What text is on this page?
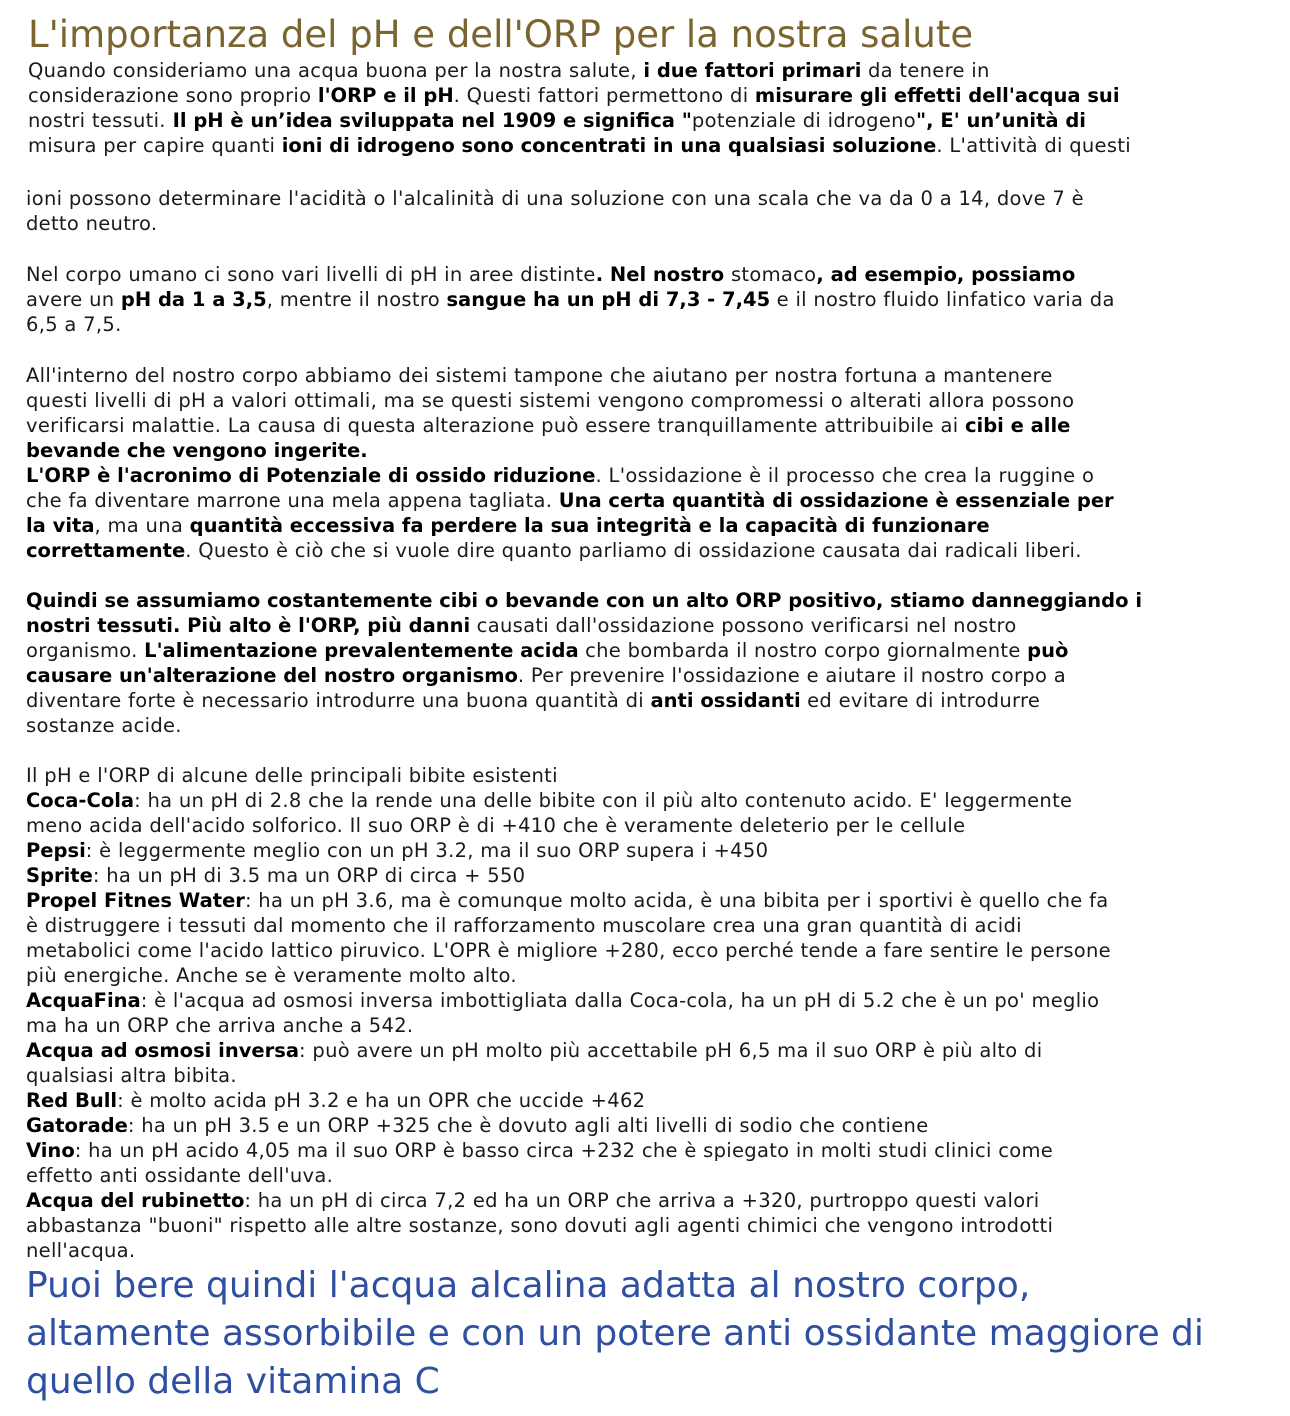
L'importanza del pH e dell'ORP per la nostra salute
Quando consideriamo una acqua buona per la nostra salute, i due fattori primari da tenere in
considerazione sono proprio l'ORP e il pH. Questi fattori permettono di misurare gli effetti dell'acqua sui
nostri tessuti. Il pH è un’idea sviluppata nel 1909 e significa "potenziale di idrogeno", E' un’unità di
misura per capire quanti ioni di idrogeno sono concentrati in una qualsiasi soluzione. L'attività di questi
ioni possono determinare l'acidità o l'alcalinità di una soluzione con una scala che va da 0 a 14, dove 7 è
detto neutro.
Nel corpo umano ci sono vari livelli di pH in aree distinte. Nel nostro stomaco, ad esempio, possiamo
avere un pH da 1 a 3,5, mentre il nostro sangue ha un pH di 7,3 - 7,45 e il nostro fluido linfatico varia da
6,5 a 7,5.
All'interno del nostro corpo abbiamo dei sistemi tampone che aiutano per nostra fortuna a mantenere
questi livelli di pH a valori ottimali, ma se questi sistemi vengono compromessi o alterati allora possono
verificarsi malattie. La causa di questa alterazione può essere tranquillamente attribuibile ai cibi e alle
bevande che vengono ingerite.
L'ORP è l'acronimo di Potenziale di ossido riduzione. L'ossidazione è il processo che crea la ruggine o
che fa diventare marrone una mela appena tagliata. Una certa quantità di ossidazione è essenziale per
la vita, ma una quantità eccessiva fa perdere la sua integrità e la capacità di funzionare
correttamente. Questo è ciò che si vuole dire quanto parliamo di ossidazione causata dai radicali liberi.
Quindi se assumiamo costantemente cibi o bevande con un alto ORP positivo, stiamo danneggiando i
nostri tessuti. Più alto è l'ORP, più danni causati dall'ossidazione possono verificarsi nel nostro
organismo. L'alimentazione prevalentemente acida che bombarda il nostro corpo giornalmente può
causare un'alterazione del nostro organismo. Per prevenire l'ossidazione e aiutare il nostro corpo a
diventare forte è necessario introdurre una buona quantità di anti ossidanti ed evitare di introdurre
sostanze acide.
Il pH e l'ORP di alcune delle principali bibite esistenti
Coca-Cola: ha un pH di 2.8 che la rende una delle bibite con il più alto contenuto acido. E' leggermente
meno acida dell'acido solforico. Il suo ORP è di +410 che è veramente deleterio per le cellule
Pepsi: è leggermente meglio con un pH 3.2, ma il suo ORP supera i +450
Sprite: ha un pH di 3.5 ma un ORP di circa + 550
Propel Fitnes Water: ha un pH 3.6, ma è comunque molto acida, è una bibita per i sportivi è quello che fa
è distruggere i tessuti dal momento che il rafforzamento muscolare crea una gran quantità di acidi
metabolici come l'acido lattico piruvico. L'OPR è migliore +280, ecco perché tende a fare sentire le persone
più energiche. Anche se è veramente molto alto.
AcquaFina: è l'acqua ad osmosi inversa imbottigliata dalla Coca-cola, ha un pH di 5.2 che è un po' meglio
ma ha un ORP che arriva anche a 542.
Acqua ad osmosi inversa: può avere un pH molto più accettabile pH 6,5 ma il suo ORP è più alto di
qualsiasi altra bibita.
Red Bull: è molto acida pH 3.2 e ha un OPR che uccide +462
Gatorade: ha un pH 3.5 e un ORP +325 che è dovuto agli alti livelli di sodio che contiene
Vino: ha un pH acido 4,05 ma il suo ORP è basso circa +232 che è spiegato in molti studi clinici come
effetto anti ossidante dell'uva.
Acqua del rubinetto: ha un pH di circa 7,2 ed ha un ORP che arriva a +320, purtroppo questi valori
abbastanza "buoni" rispetto alle altre sostanze, sono dovuti agli agenti chimici che vengono introdotti
nell'acqua.
Puoi bere quindi l'acqua alcalina adatta al nostro corpo,
altamente assorbibile e con un potere anti ossidante maggiore di
quello della vitamina C
